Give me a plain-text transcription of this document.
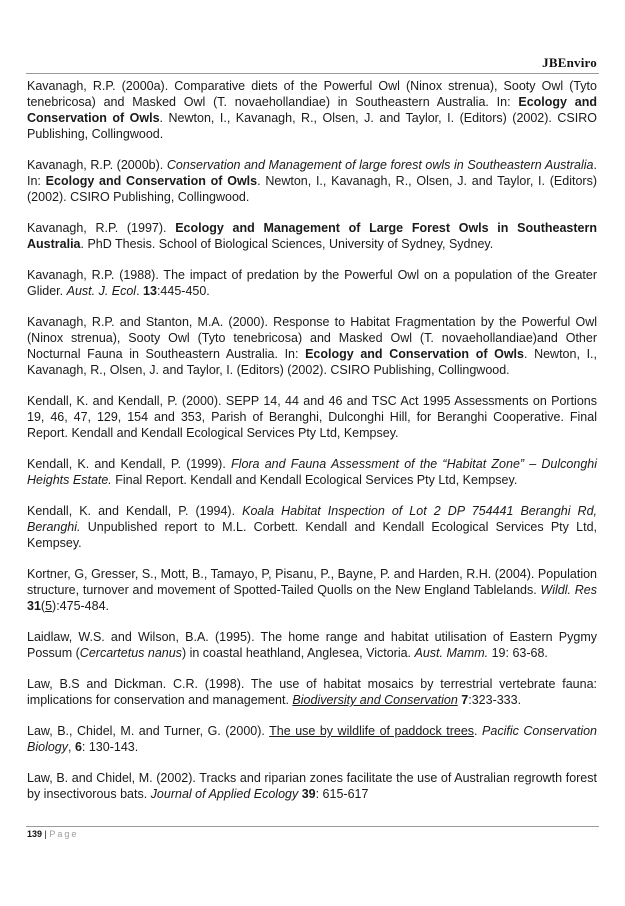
JBEnviro

Kavanagh, R.P. (2000a). Comparative diets of the Powerful Owl (Ninox strenua), Sooty Owl (Tyto tenebricosa) and Masked Owl (T. novaehollandiae) in Southeastern Australia. In: Ecology and Conservation of Owls. Newton, I., Kavanagh, R., Olsen, J. and Taylor, I. (Editors) (2002). CSIRO Publishing, Collingwood.

Kavanagh, R.P. (2000b). Conservation and Management of large forest owls in Southeastern Australia. In: Ecology and Conservation of Owls. Newton, I., Kavanagh, R., Olsen, J. and Taylor, I. (Editors) (2002). CSIRO Publishing, Collingwood.

Kavanagh, R.P. (1997). Ecology and Management of Large Forest Owls in Southeastern Australia. PhD Thesis. School of Biological Sciences, University of Sydney, Sydney.

Kavanagh, R.P. (1988). The impact of predation by the Powerful Owl on a population of the Greater Glider. Aust. J. Ecol. 13:445-450.

Kavanagh, R.P. and Stanton, M.A. (2000). Response to Habitat Fragmentation by the Powerful Owl (Ninox strenua), Sooty Owl (Tyto tenebricosa) and Masked Owl (T. novaehollandiae)and Other Nocturnal Fauna in Southeastern Australia. In: Ecology and Conservation of Owls. Newton, I., Kavanagh, R., Olsen, J. and Taylor, I. (Editors) (2002). CSIRO Publishing, Collingwood.

Kendall, K. and Kendall, P. (2000). SEPP 14, 44 and 46 and TSC Act 1995 Assessments on Portions 19, 46, 47, 129, 154 and 353, Parish of Beranghi, Dulconghi Hill, for Beranghi Cooperative. Final Report. Kendall and Kendall Ecological Services Pty Ltd, Kempsey.

Kendall, K. and Kendall, P. (1999). Flora and Fauna Assessment of the “Habitat Zone” – Dulconghi Heights Estate. Final Report. Kendall and Kendall Ecological Services Pty Ltd, Kempsey.

Kendall, K. and Kendall, P. (1994). Koala Habitat Inspection of Lot 2 DP 754441 Beranghi Rd, Beranghi. Unpublished report to M.L. Corbett. Kendall and Kendall Ecological Services Pty Ltd, Kempsey.

Kortner, G, Gresser, S., Mott, B., Tamayo, P, Pisanu, P., Bayne, P. and Harden, R.H. (2004). Population structure, turnover and movement of Spotted-Tailed Quolls on the New England Tablelands. Wildl. Res 31(5):475-484.

Laidlaw, W.S. and Wilson, B.A. (1995). The home range and habitat utilisation of Eastern Pygmy Possum (Cercartetus nanus) in coastal heathland, Anglesea, Victoria. Aust. Mamm. 19: 63-68.

Law, B.S and Dickman. C.R. (1998). The use of habitat mosaics by terrestrial vertebrate fauna: implications for conservation and management. Biodiversity and Conservation 7:323-333.

Law, B., Chidel, M. and Turner, G. (2000). The use by wildlife of paddock trees. Pacific Conservation Biology, 6: 130-143.

Law, B. and Chidel, M. (2002). Tracks and riparian zones facilitate the use of Australian regrowth forest by insectivorous bats. Journal of Applied Ecology 39: 615-617

139 | Page
